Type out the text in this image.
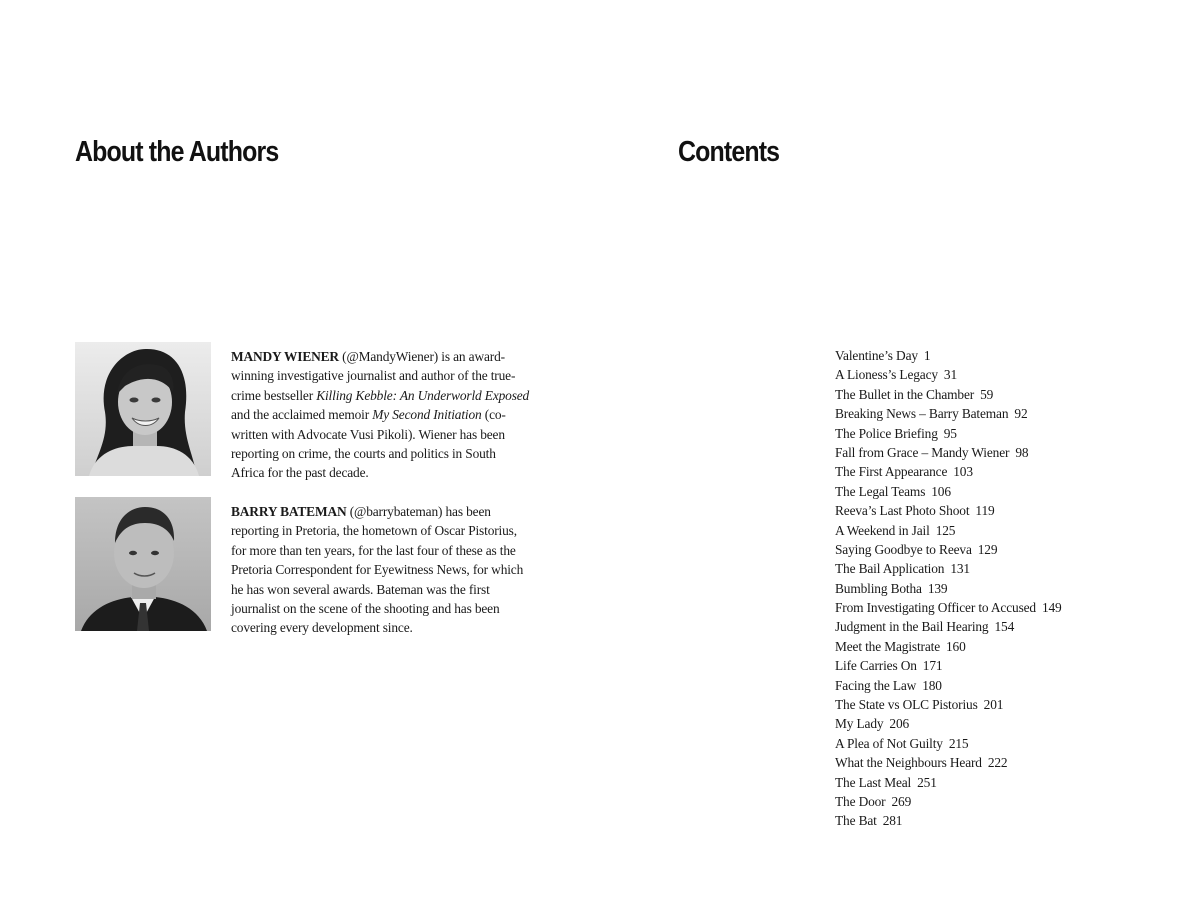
About the Authors

MANDY WIENER (@MandyWiener) is an award-winning investigative journalist and author of the true-crime bestseller Killing Kebble: An Underworld Exposed and the acclaimed memoir My Second Initiation (co-written with Advocate Vusi Pikoli). Wiener has been reporting on crime, the courts and politics in South Africa for the past decade.

BARRY BATEMAN (@barrybateman) has been reporting in Pretoria, the hometown of Oscar Pistorius, for more than ten years, for the last four of these as the Pretoria Correspondent for Eyewitness News, for which he has won several awards. Bateman was the first journalist on the scene of the shooting and has been covering every development since.

Contents
Valentine’s Day 1
A Lioness’s Legacy 31
The Bullet in the Chamber 59
Breaking News – Barry Bateman 92
The Police Briefing 95
Fall from Grace – Mandy Wiener 98
The First Appearance 103
The Legal Teams 106
Reeva’s Last Photo Shoot 119
A Weekend in Jail 125
Saying Goodbye to Reeva 129
The Bail Application 131
Bumbling Botha 139
From Investigating Officer to Accused 149
Judgment in the Bail Hearing 154
Meet the Magistrate 160
Life Carries On 171
Facing the Law 180
The State vs OLC Pistorius 201
My Lady 206
A Plea of Not Guilty 215
What the Neighbours Heard 222
The Last Meal 251
The Door 269
The Bat 281
